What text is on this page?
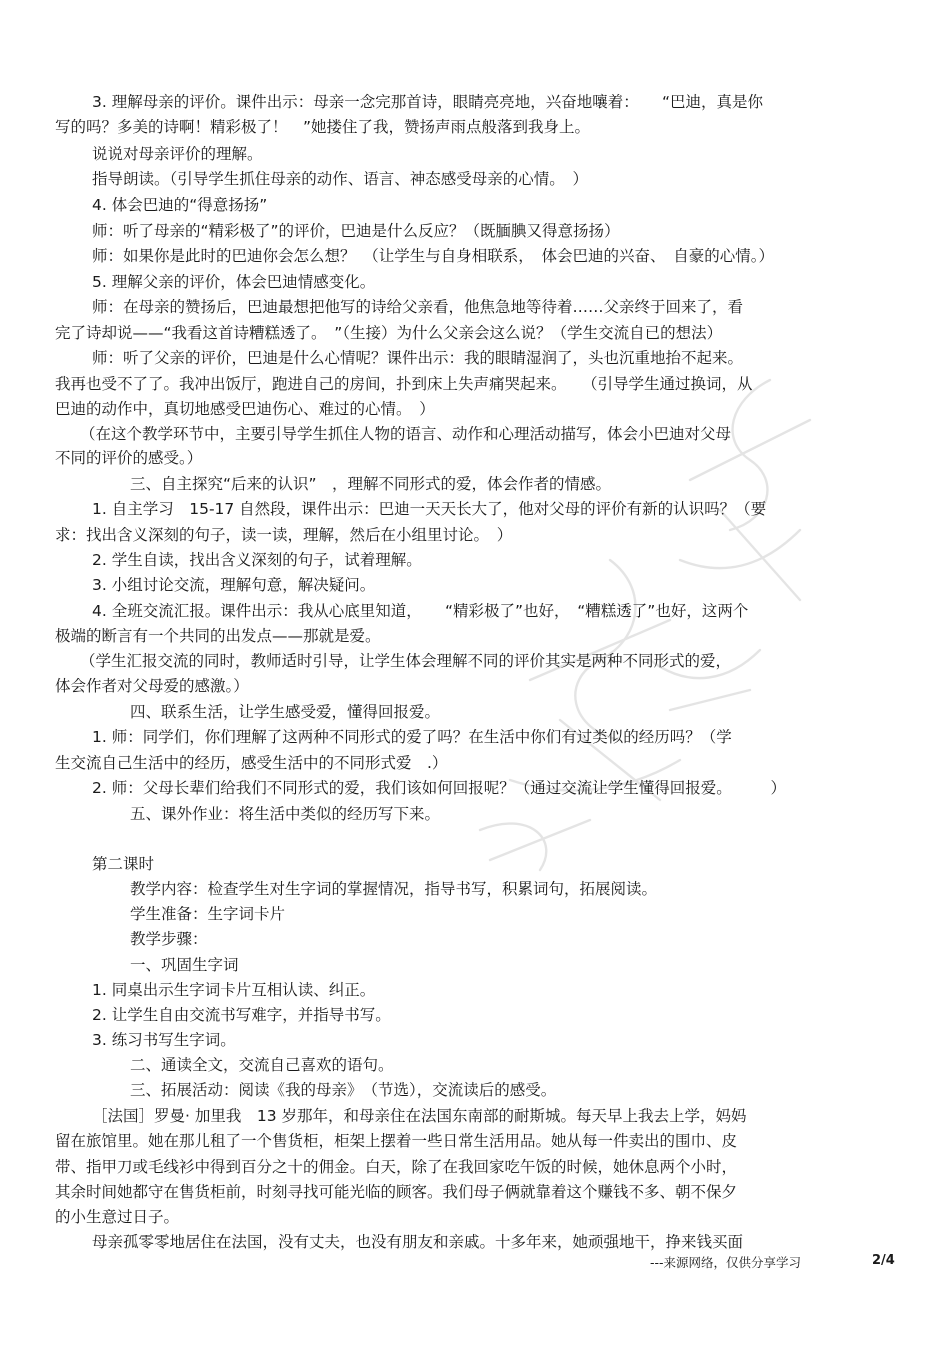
3. 理解母亲的评价。课件出示：母亲一念完那首诗，眼睛亮亮地，兴奋地嚷着：　　“巴迪，真是你
写的吗？多美的诗啊！精彩极了！　”她搂住了我，赞扬声雨点般落到我身上。
说说对母亲评价的理解。
指导朗读。（引导学生抓住母亲的动作、语言、神态感受母亲的心情。　）
4. 体会巴迪的“得意扬扬”
师：听了母亲的“精彩极了”的评价，巴迪是什么反应？（既腼腆又得意扬扬）
师：如果你是此时的巴迪你会怎么想？　（让学生与自身相联系，　体会巴迪的兴奋、　自豪的心情。）
5. 理解父亲的评价，体会巴迪情感变化。
师：在母亲的赞扬后，巴迪最想把他写的诗给父亲看，他焦急地等待着……父亲终于回来了，看
完了诗却说——“我看这首诗糟糕透了。　”（生接）为什么父亲会这么说？（学生交流自已的想法）
师：听了父亲的评价，巴迪是什么心情呢？课件出示：我的眼睛湿润了，头也沉重地抬不起来。
我再也受不了了。我冲出饭厅，跑进自己的房间，扑到床上失声痛哭起来。　　（引导学生通过换词，从
巴迪的动作中，真切地感受巴迪伤心、难过的心情。　）
（在这个教学环节中，主要引导学生抓住人物的语言、动作和心理活动描写，体会小巴迪对父母
不同的评价的感受。）
三、自主探究“后来的认识”　，理解不同形式的爱，体会作者的情感。
1. 自主学习　15-17 自然段，课件出示：巴迪一天天长大了，他对父母的评价有新的认识吗？（要
求：找出含义深刻的句子，读一读，理解，然后在小组里讨论。　）
2. 学生自读，找出含义深刻的句子，试着理解。
3. 小组讨论交流，理解句意，解决疑问。
4. 全班交流汇报。课件出示：我从心底里知道，　　“精彩极了”也好，　“糟糕透了”也好，这两个
极端的断言有一个共同的出发点——那就是爱。
（学生汇报交流的同时，教师适时引导，让学生体会理解不同的评价其实是两种不同形式的爱，
体会作者对父母爱的感激。）
四、联系生活，让学生感受爱，懂得回报爱。
1. 师：同学们，你们理解了这两种不同形式的爱了吗？在生活中你们有过类似的经历吗？（学
生交流自己生活中的经历，感受生活中的不同形式爱　.）
2. 师：父母长辈们给我们不同形式的爱，我们该如何回报呢？（通过交流让学生懂得回报爱。　　　）
五、课外作业：将生活中类似的经历写下来。
第二课时
教学内容：检查学生对生字词的掌握情况，指导书写，积累词句，拓展阅读。
学生准备：生字词卡片
教学步骤：
一、巩固生字词
1. 同桌出示生字词卡片互相认读、纠正。
2. 让学生自由交流书写难字，并指导书写。
3. 练习书写生字词。
二、通读全文，交流自己喜欢的语句。
三、拓展活动：阅读《我的母亲》　（节选），交流读后的感受。
［法国］罗曼· 加里我　13 岁那年，和母亲住在法国东南部的耐斯城。每天早上我去上学，妈妈
留在旅馆里。她在那儿租了一个售货柜，柜架上摆着一些日常生活用品。她从每一件卖出的围巾、皮
带、指甲刀或毛线衫中得到百分之十的佣金。白天，除了在我回家吃午饭的时候，她休息两个小时，
其余时间她都守在售货柜前，时刻寻找可能光临的顾客。我们母子俩就靠着这个赚钱不多、朝不保夕
的小生意过日子。
母亲孤零零地居住在法国，没有丈夫，也没有朋友和亲戚。十多年来，她顽强地干，挣来钱买面
---来源网络，仅供分享学习	2/4
